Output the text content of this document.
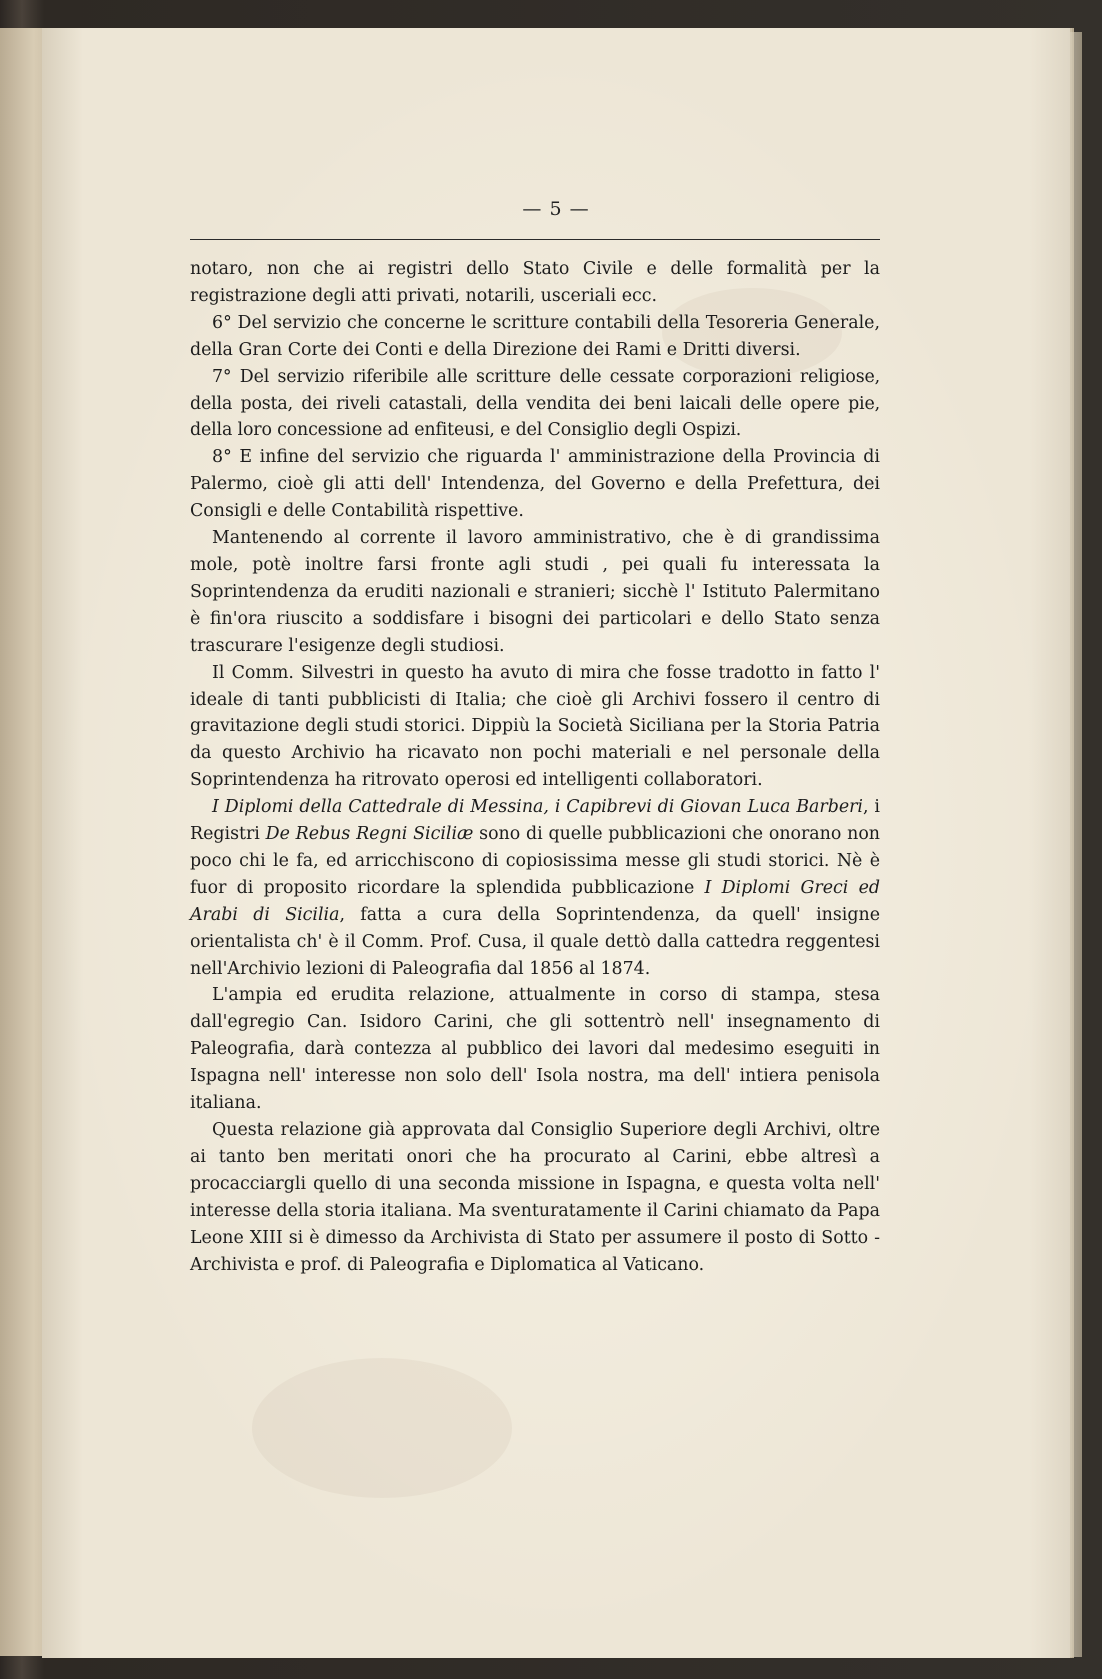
— 5 —

notaro, non che ai registri dello Stato Civile e delle formalità per la registrazione degli atti privati, notarili, usceriali ecc.

6° Del servizio che concerne le scritture contabili della Tesoreria Generale, della Gran Corte dei Conti e della Direzione dei Rami e Dritti diversi.

7° Del servizio riferibile alle scritture delle cessate corporazioni religiose, della posta, dei riveli catastali, della vendita dei beni laicali delle opere pie, della loro concessione ad enfiteusi, e del Consiglio degli Ospizi.

8° E infine del servizio che riguarda l' amministrazione della Provincia di Palermo, cioè gli atti dell' Intendenza, del Governo e della Prefettura, dei Consigli e delle Contabilità rispettive.

Mantenendo al corrente il lavoro amministrativo, che è di grandissima mole, potè inoltre farsi fronte agli studi , pei quali fu interessata la Soprintendenza da eruditi nazionali e stranieri; sicchè l' Istituto Palermitano è fin'ora riuscito a soddisfare i bisogni dei particolari e dello Stato senza trascurare l'esigenze degli studiosi.

Il Comm. Silvestri in questo ha avuto di mira che fosse tradotto in fatto l' ideale di tanti pubblicisti di Italia; che cioè gli Archivi fossero il centro di gravitazione degli studi storici. Dippiù la Società Siciliana per la Storia Patria da questo Archivio ha ricavato non pochi materiali e nel personale della Soprintendenza ha ritrovato operosi ed intelligenti collaboratori.

I Diplomi della Cattedrale di Messina, i Capibrevi di Giovan Luca Barberi, i Registri De Rebus Regni Siciliæ sono di quelle pubblicazioni che onorano non poco chi le fa, ed arricchiscono di copiosissima messe gli studi storici. Nè è fuor di proposito ricordare la splendida pubblicazione I Diplomi Greci ed Arabi di Sicilia, fatta a cura della Soprintendenza, da quell' insigne orientalista ch' è il Comm. Prof. Cusa, il quale dettò dalla cattedra reggentesi nell'Archivio lezioni di Paleografia dal 1856 al 1874.

L'ampia ed erudita relazione, attualmente in corso di stampa, stesa dall'egregio Can. Isidoro Carini, che gli sottentrò nell' insegnamento di Paleografia, darà contezza al pubblico dei lavori dal medesimo eseguiti in Ispagna nell' interesse non solo dell' Isola nostra, ma dell' intiera penisola italiana.

Questa relazione già approvata dal Consiglio Superiore degli Archivi, oltre ai tanto ben meritati onori che ha procurato al Carini, ebbe altresì a procacciargli quello di una seconda missione in Ispagna, e questa volta nell' interesse della storia italiana. Ma sventuratamente il Carini chiamato da Papa Leone XIII si è dimesso da Archivista di Stato per assumere il posto di Sotto - Archivista e prof. di Paleografia e Diplomatica al Vaticano.
